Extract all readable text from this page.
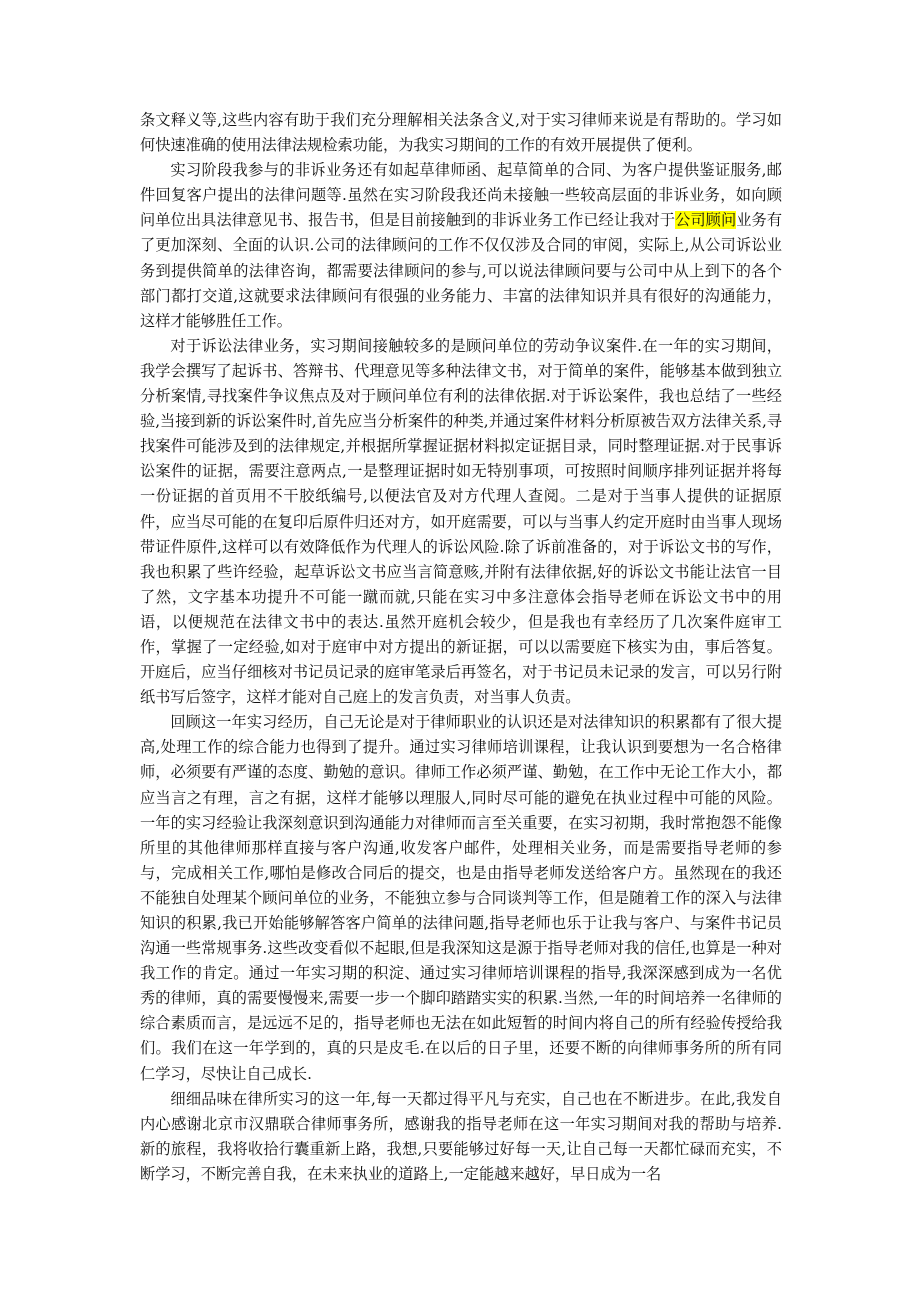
条文释义等,这些内容有助于我们充分理解相关法条含义,对于实习律师来说是有帮助的。学习如何快速准确的使用法律法规检索功能，为我实习期间的工作的有效开展提供了便利。

实习阶段我参与的非诉业务还有如起草律师函、起草简单的合同、为客户提供鉴证服务,邮件回复客户提出的法律问题等.虽然在实习阶段我还尚未接触一些较高层面的非诉业务，如向顾问单位出具法律意见书、报告书，但是目前接触到的非诉业务工作已经让我对于公司顾问业务有了更加深刻、全面的认识.公司的法律顾问的工作不仅仅涉及合同的审阅，实际上,从公司诉讼业务到提供简单的法律咨询，都需要法律顾问的参与,可以说法律顾问要与公司中从上到下的各个部门都打交道,这就要求法律顾问有很强的业务能力、丰富的法律知识并具有很好的沟通能力，这样才能够胜任工作。

对于诉讼法律业务，实习期间接触较多的是顾问单位的劳动争议案件.在一年的实习期间，我学会撰写了起诉书、答辩书、代理意见等多种法律文书，对于简单的案件，能够基本做到独立分析案情,寻找案件争议焦点及对于顾问单位有利的法律依据.对于诉讼案件，我也总结了一些经验,当接到新的诉讼案件时,首先应当分析案件的种类,并通过案件材料分析原被告双方法律关系,寻找案件可能涉及到的法律规定,并根据所掌握证据材料拟定证据目录，同时整理证据.对于民事诉讼案件的证据，需要注意两点,一是整理证据时如无特别事项，可按照时间顺序排列证据并将每一份证据的首页用不干胶纸编号,以便法官及对方代理人查阅。二是对于当事人提供的证据原件，应当尽可能的在复印后原件归还对方，如开庭需要，可以与当事人约定开庭时由当事人现场带证件原件,这样可以有效降低作为代理人的诉讼风险.除了诉前准备的，对于诉讼文书的写作，我也积累了些许经验，起草诉讼文书应当言简意赅,并附有法律依据,好的诉讼文书能让法官一目了然，文字基本功提升不可能一蹴而就,只能在实习中多注意体会指导老师在诉讼文书中的用语，以便规范在法律文书中的表达.虽然开庭机会较少，但是我也有幸经历了几次案件庭审工作，掌握了一定经验,如对于庭审中对方提出的新证据，可以以需要庭下核实为由，事后答复。开庭后，应当仔细核对书记员记录的庭审笔录后再签名，对于书记员未记录的发言，可以另行附纸书写后签字，这样才能对自己庭上的发言负责，对当事人负责。

回顾这一年实习经历，自己无论是对于律师职业的认识还是对法律知识的积累都有了很大提高,处理工作的综合能力也得到了提升。通过实习律师培训课程，让我认识到要想为一名合格律师，必须要有严谨的态度、勤勉的意识。律师工作必须严谨、勤勉，在工作中无论工作大小，都应当言之有理，言之有据，这样才能够以理服人,同时尽可能的避免在执业过程中可能的风险。一年的实习经验让我深刻意识到沟通能力对律师而言至关重要，在实习初期，我时常抱怨不能像所里的其他律师那样直接与客户沟通,收发客户邮件，处理相关业务，而是需要指导老师的参与，完成相关工作,哪怕是修改合同后的提交，也是由指导老师发送给客户方。虽然现在的我还不能独自处理某个顾问单位的业务，不能独立参与合同谈判等工作，但是随着工作的深入与法律知识的积累,我已开始能够解答客户简单的法律问题,指导老师也乐于让我与客户、与案件书记员沟通一些常规事务.这些改变看似不起眼,但是我深知这是源于指导老师对我的信任,也算是一种对我工作的肯定。通过一年实习期的积淀、通过实习律师培训课程的指导,我深深感到成为一名优秀的律师，真的需要慢慢来,需要一步一个脚印踏踏实实的积累.当然,一年的时间培养一名律师的综合素质而言，是远远不足的，指导老师也无法在如此短暂的时间内将自己的所有经验传授给我们。我们在这一年学到的，真的只是皮毛.在以后的日子里，还要不断的向律师事务所的所有同仁学习，尽快让自己成长.

细细品味在律所实习的这一年,每一天都过得平凡与充实，自己也在不断进步。在此,我发自内心感谢北京市汉鼎联合律师事务所，感谢我的指导老师在这一年实习期间对我的帮助与培养.新的旅程，我将收拾行囊重新上路，我想,只要能够过好每一天,让自己每一天都忙碌而充实，不断学习，不断完善自我，在未来执业的道路上,一定能越来越好，早日成为一名
